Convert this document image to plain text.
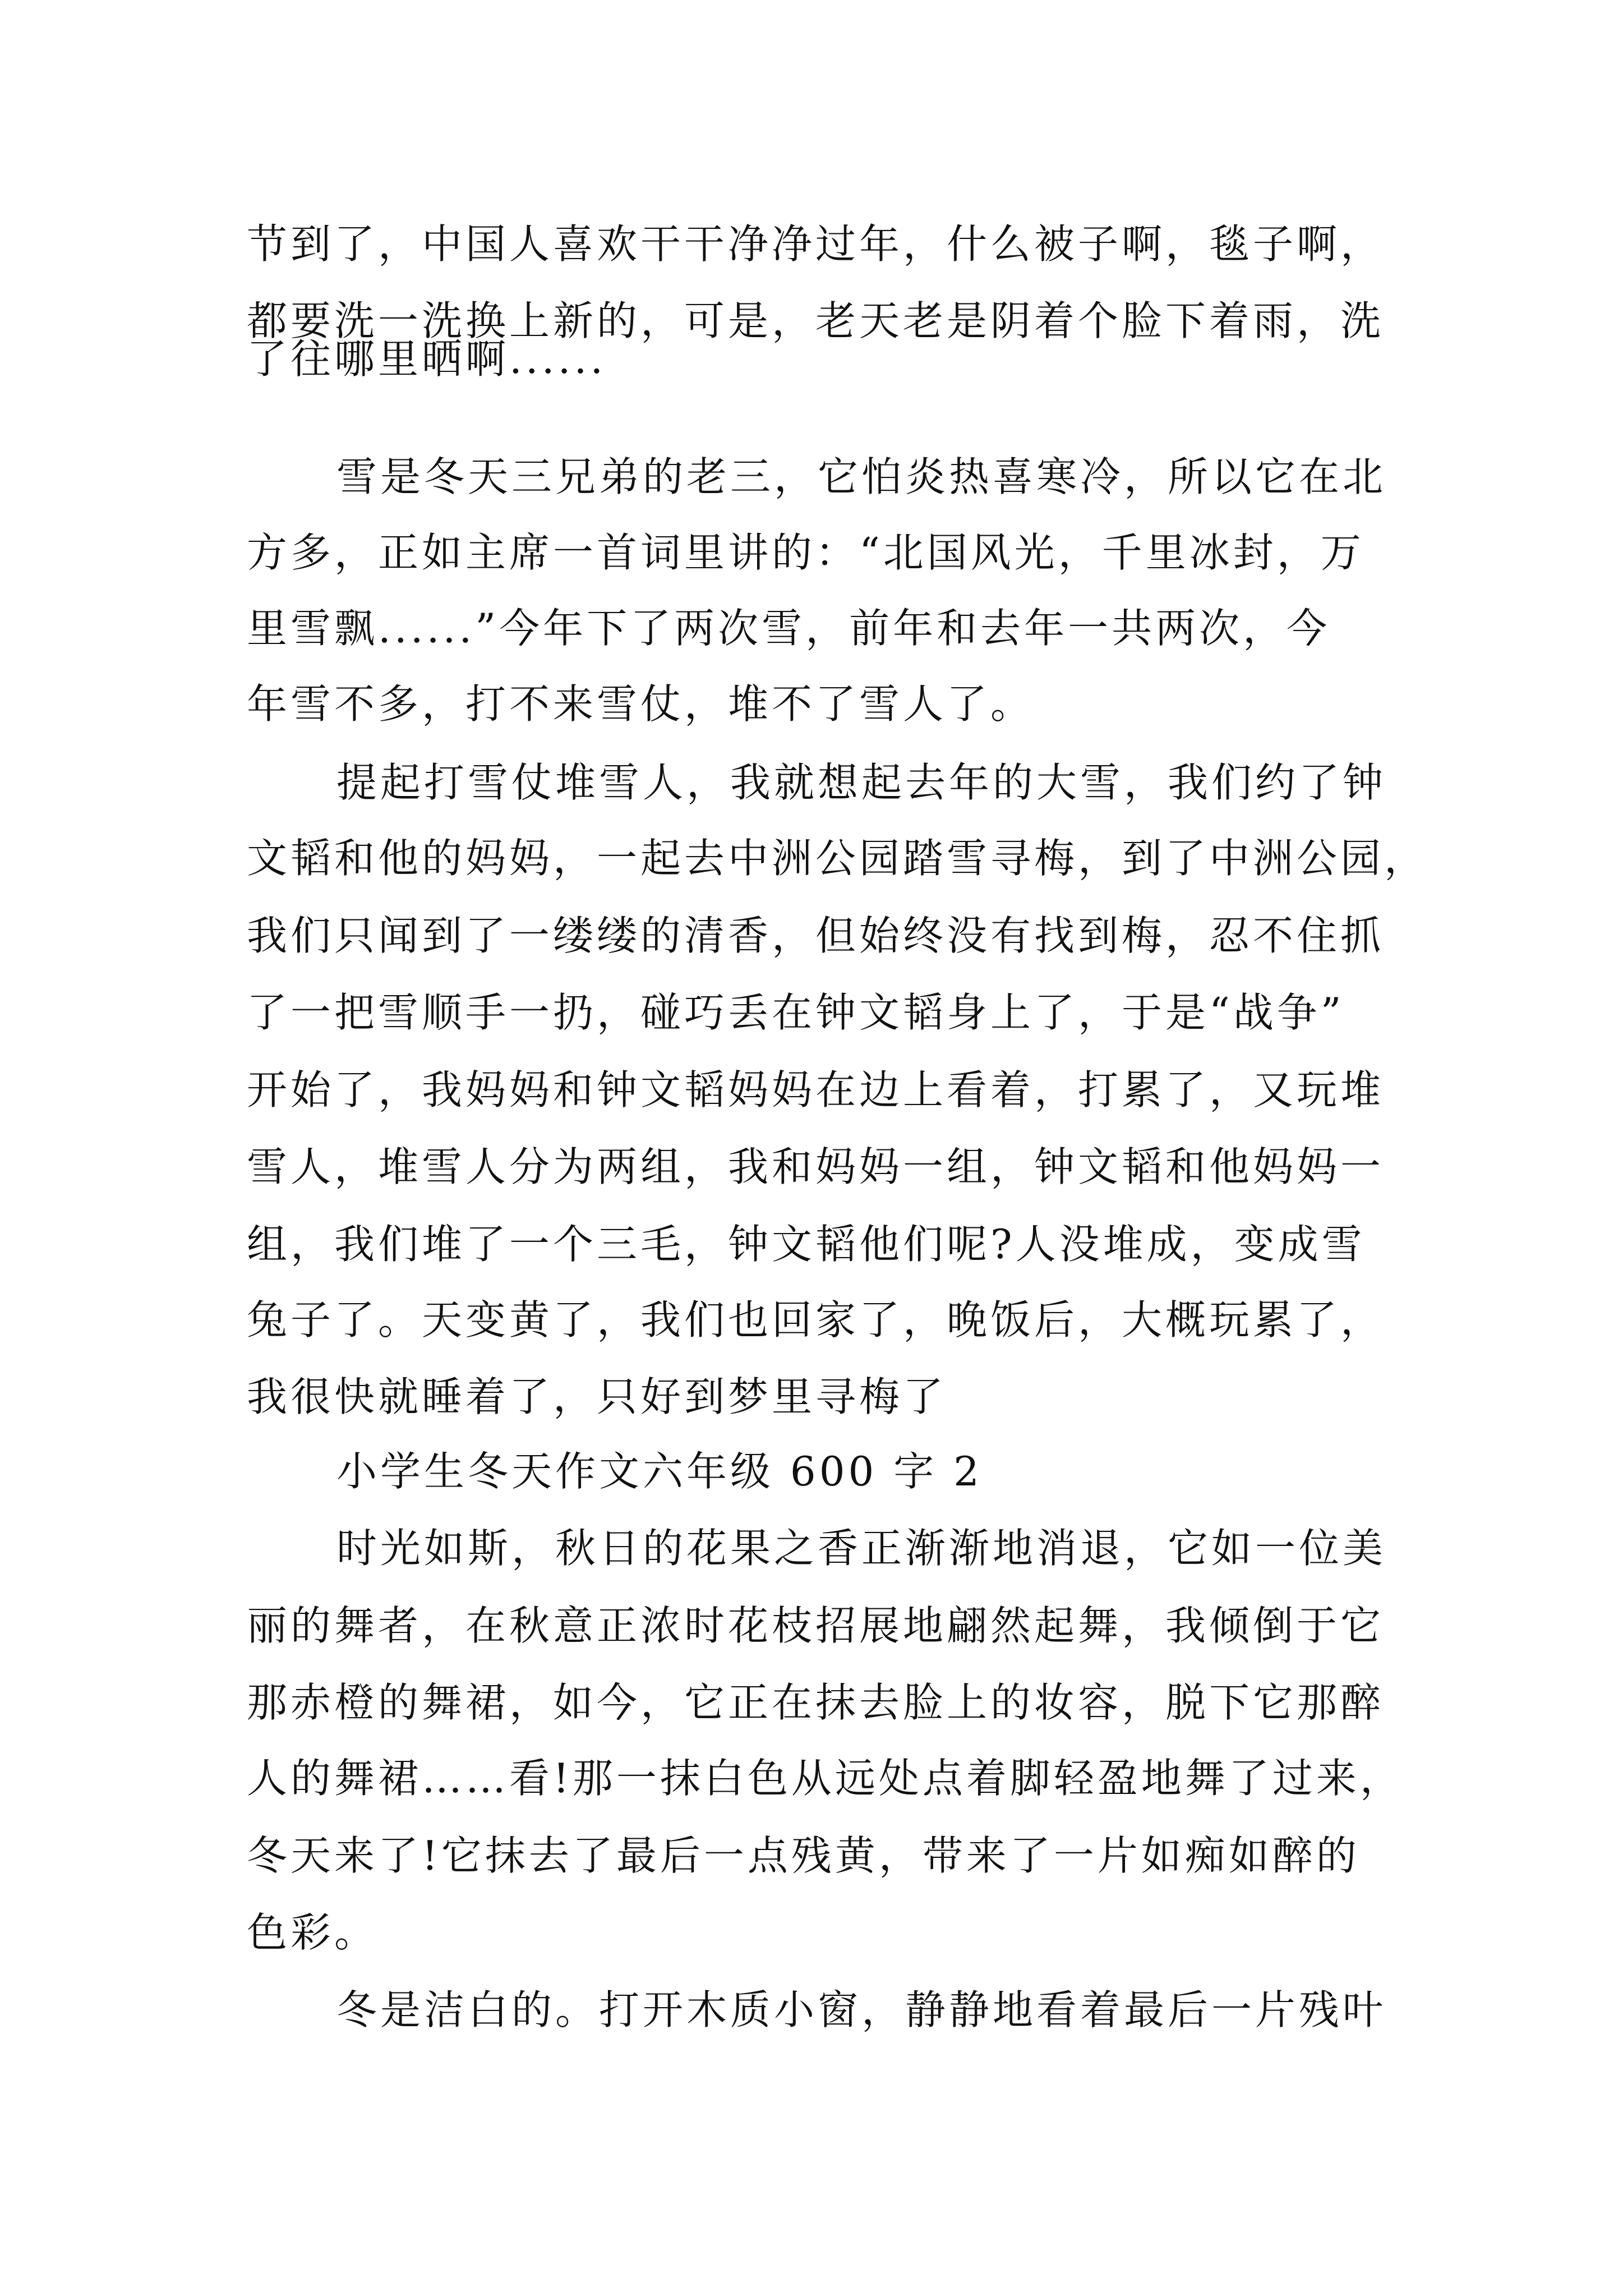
节到了，中国人喜欢干干净净过年，什么被子啊，毯子啊，
都要洗一洗换上新的，可是，老天老是阴着个脸下着雨，洗
了往哪里晒啊......
雪是冬天三兄弟的老三，它怕炎热喜寒冷，所以它在北
方多，正如主席一首词里讲的：“北国风光，千里冰封，万
里雪飘......”今年下了两次雪，前年和去年一共两次，今
年雪不多，打不来雪仗，堆不了雪人了。
提起打雪仗堆雪人，我就想起去年的大雪，我们约了钟
文韬和他的妈妈，一起去中洲公园踏雪寻梅，到了中洲公园，
我们只闻到了一缕缕的清香，但始终没有找到梅，忍不住抓
了一把雪顺手一扔，碰巧丢在钟文韬身上了，于是“战争”
开始了，我妈妈和钟文韬妈妈在边上看着，打累了，又玩堆
雪人，堆雪人分为两组，我和妈妈一组，钟文韬和他妈妈一
组，我们堆了一个三毛，钟文韬他们呢?人没堆成，变成雪
兔子了。天变黄了，我们也回家了，晚饭后，大概玩累了，
我很快就睡着了，只好到梦里寻梅了
小学生冬天作文六年级 600 字 2
时光如斯，秋日的花果之香正渐渐地消退，它如一位美
丽的舞者，在秋意正浓时花枝招展地翩然起舞，我倾倒于它
那赤橙的舞裙，如今，它正在抹去脸上的妆容，脱下它那醉
人的舞裙……看!那一抹白色从远处点着脚轻盈地舞了过来，
冬天来了!它抹去了最后一点残黄，带来了一片如痴如醉的
色彩。
冬是洁白的。打开木质小窗，静静地看着最后一片残叶
